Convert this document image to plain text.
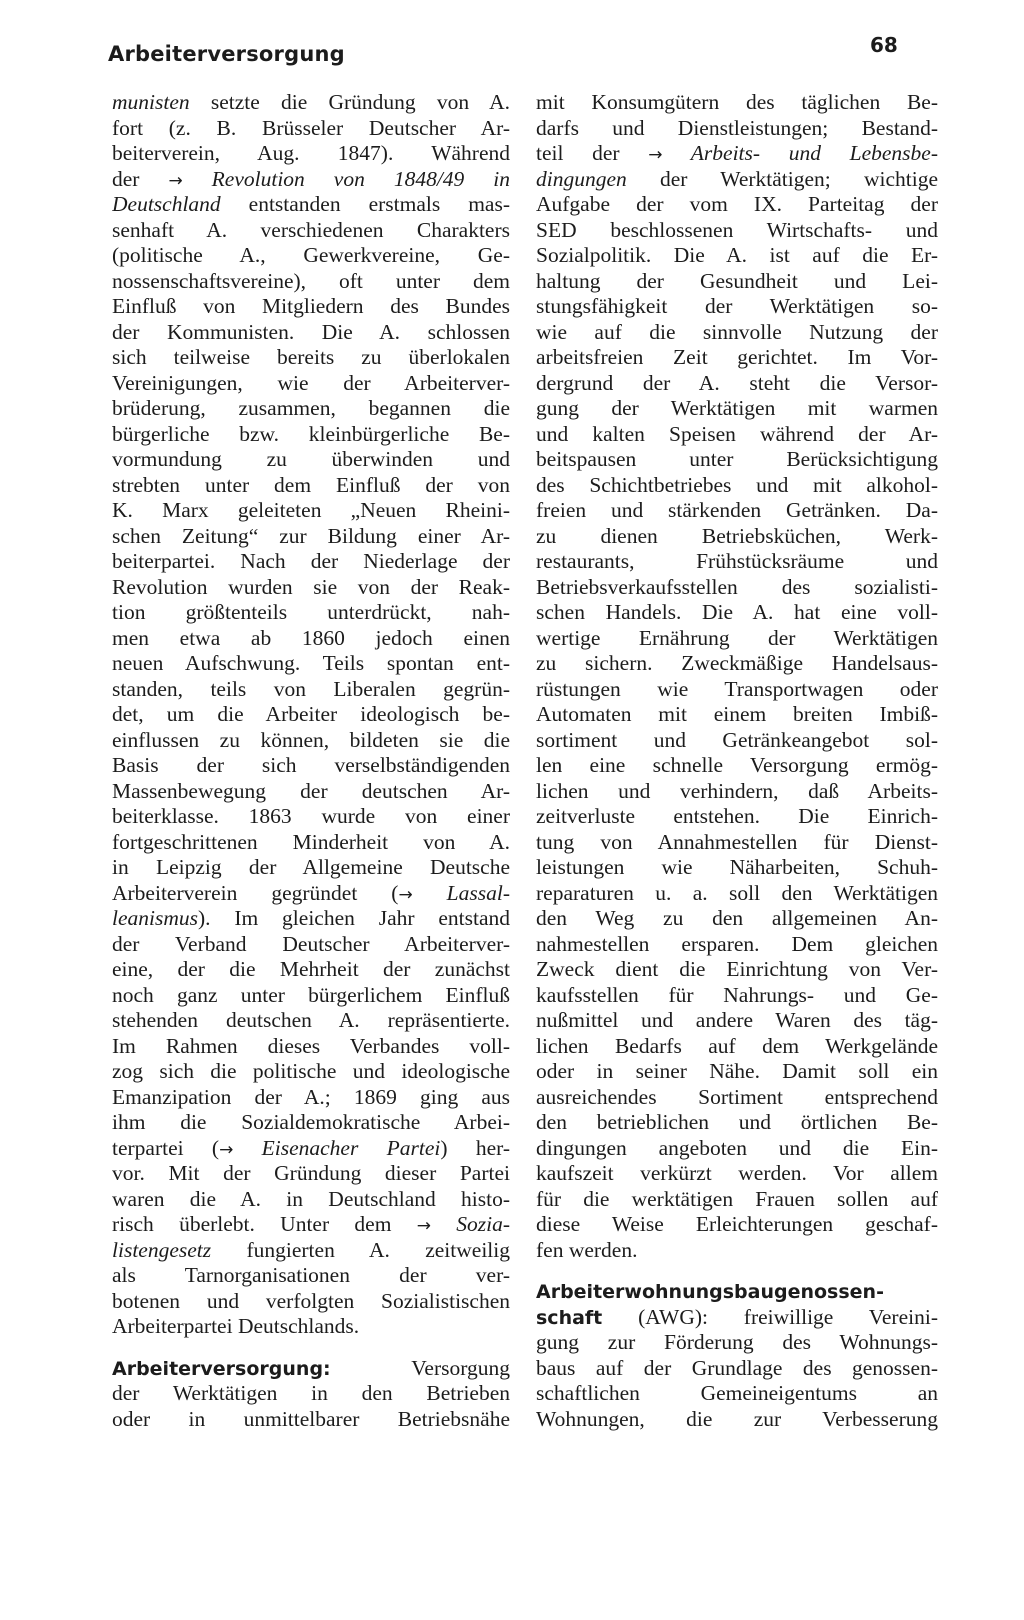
Arbeiterversorgung	68
munisten setzte die Gründung von A.
fort (z. B. Brüsseler Deutscher Ar-
beiterverein, Aug. 1847). Während
der → Revolution von 1848/49 in
Deutschland entstanden erstmals mas-
senhaft A. verschiedenen Charakters
(politische A., Gewerkvereine, Ge-
nossenschaftsvereine), oft unter dem
Einfluß von Mitgliedern des Bundes
der Kommunisten. Die A. schlossen
sich teilweise bereits zu überlokalen
Vereinigungen, wie der Arbeiterver-
brüderung, zusammen, begannen die
bürgerliche bzw. kleinbürgerliche Be-
vormundung zu überwinden und
strebten unter dem Einfluß der von
K. Marx geleiteten „Neuen Rheini-
schen Zeitung“ zur Bildung einer Ar-
beiterpartei. Nach der Niederlage der
Revolution wurden sie von der Reak-
tion größtenteils unterdrückt, nah-
men etwa ab 1860 jedoch einen
neuen Aufschwung. Teils spontan ent-
standen, teils von Liberalen gegrün-
det, um die Arbeiter ideologisch be-
einflussen zu können, bildeten sie die
Basis der sich verselbständigenden
Massenbewegung der deutschen Ar-
beiterklasse. 1863 wurde von einer
fortgeschrittenen Minderheit von A.
in Leipzig der Allgemeine Deutsche
Arbeiterverein gegründet (→ Lassal-
leanismus). Im gleichen Jahr entstand
der Verband Deutscher Arbeiterver-
eine, der die Mehrheit der zunächst
noch ganz unter bürgerlichem Einfluß
stehenden deutschen A. repräsentierte.
Im Rahmen dieses Verbandes voll-
zog sich die politische und ideologische
Emanzipation der A.; 1869 ging aus
ihm die Sozialdemokratische Arbei-
terpartei (→ Eisenacher Partei) her-
vor. Mit der Gründung dieser Partei
waren die A. in Deutschland histo-
risch überlebt. Unter dem → Sozia-
listengesetz fungierten A. zeitweilig
als Tarnorganisationen der ver-
botenen und verfolgten Sozialistischen
Arbeiterpartei Deutschlands.
Arbeiterversorgung: Versorgung
der Werktätigen in den Betrieben
oder in unmittelbarer Betriebsnähe
mit Konsumgütern des täglichen Be-
darfs und Dienstleistungen; Bestand-
teil der → Arbeits- und Lebensbe-
dingungen der Werktätigen; wichtige
Aufgabe der vom IX. Parteitag der
SED beschlossenen Wirtschafts- und
Sozialpolitik. Die A. ist auf die Er-
haltung der Gesundheit und Lei-
stungsfähigkeit der Werktätigen so-
wie auf die sinnvolle Nutzung der
arbeitsfreien Zeit gerichtet. Im Vor-
dergrund der A. steht die Versor-
gung der Werktätigen mit warmen
und kalten Speisen während der Ar-
beitspausen unter Berücksichtigung
des Schichtbetriebes und mit alkohol-
freien und stärkenden Getränken. Da-
zu dienen Betriebsküchen, Werk-
restaurants, Frühstücksräume und
Betriebsverkaufsstellen des sozialisti-
schen Handels. Die A. hat eine voll-
wertige Ernährung der Werktätigen
zu sichern. Zweckmäßige Handelsaus-
rüstungen wie Transportwagen oder
Automaten mit einem breiten Imbiß-
sortiment und Getränkeangebot sol-
len eine schnelle Versorgung ermög-
lichen und verhindern, daß Arbeits-
zeitverluste entstehen. Die Einrich-
tung von Annahmestellen für Dienst-
leistungen wie Näharbeiten, Schuh-
reparaturen u. a. soll den Werktätigen
den Weg zu den allgemeinen An-
nahmestellen ersparen. Dem gleichen
Zweck dient die Einrichtung von Ver-
kaufsstellen für Nahrungs- und Ge-
nußmittel und andere Waren des täg-
lichen Bedarfs auf dem Werkgelände
oder in seiner Nähe. Damit soll ein
ausreichendes Sortiment entsprechend
den betrieblichen und örtlichen Be-
dingungen angeboten und die Ein-
kaufszeit verkürzt werden. Vor allem
für die werktätigen Frauen sollen auf
diese Weise Erleichterungen geschaf-
fen werden.
Arbeiterwohnungsbaugenossen-
schaft (AWG): freiwillige Vereini-
gung zur Förderung des Wohnungs-
baus auf der Grundlage des genossen-
schaftlichen Gemeineigentums an
Wohnungen, die zur Verbesserung
